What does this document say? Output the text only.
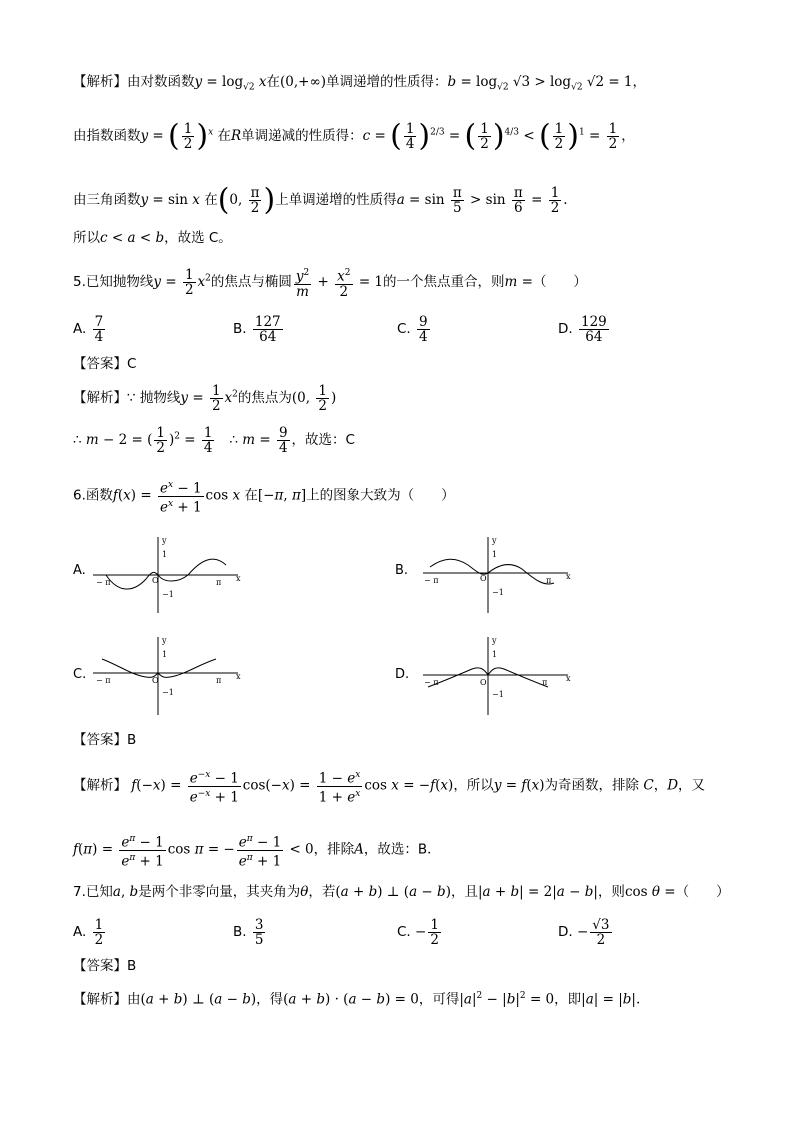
【解析】由对数函数$y = \log_{√2} x$在(0,+∞)单调递增的性质得：$b = \log_{√2} √3 > \log_{√2} √2 = 1$，
由指数函数y = ( $\frac{1}{2} )^x$ 在R单调递减的性质得：c = ( $\frac{1}{4} )^{2/3}$ = ( $\frac{1}{2} )^{4/3}$ < ( $\frac{1}{2} )^1 = \frac{1}{2}$ ，
由三角函数y = sin x 在(0, $\frac{\pi}{2}$ )上单调递增的性质得$a = \sin \frac{\pi}{5} > \sin \frac{\pi}{6} = \frac{1}{2}$ .
所以c < a < b，故选 C。
5.已知抛物线$y = \frac{1}{2} x^2$的焦点与椭圆 $\frac{y^2}{m} + \frac{x^2}{2} = 1$的一个焦点重合，则m =（　　）
A. $\frac{7}{4}$	B. $\frac{127}{64}$	C. $\frac{9}{4}$	D. $\frac{129}{64}$
【答案】C
【解析】∵ 抛物线$y = \frac{1}{2} x^2$的焦点为(0, $\frac{1}{2}$ )
∴ m − 2 = ( $\frac{1}{2} )^2 = \frac{1}{4}$ ∴ $m = \frac{9}{4}$ ，故选：C
6.函数$f(x) = \frac{e^x - 1}{e^x + 1}$ cos x 在[−π, π]上的图象大致为（　　）
A.
y
1
−1
− π	π x
O
B.
y
1
−1
− π	π x
O
C.
y
1
−1
− π	π x
O	D.
y
1
−1
− π	π x
O
【答案】B
【解析】 $f(-x) = \frac{e^{-x} - 1}{e^{-x} + 1} \cos(-x) = \frac{1 - e^x}{1 + e^x}$ cos x = −f(x)，所以y = f(x)为奇函数，排除 C，D，又
$f(\pi) = \frac{e^\pi - 1}{e^\pi + 1}$ cos π = − $\frac{e^\pi - 1}{e^\pi + 1} < 0$，排除A，故选：B．
7.已知a, b是两个非零向量，其夹角为θ，若(a + b) ⊥ (a − b)，且|a + b| = 2|a − b|，则cos θ =（　　）
A. $\frac{1}{2}$	B. $\frac{3}{5}$	C. − $\frac{1}{2}$	D. − $\frac{√3}{2}$
【答案】B
【解析】由(a + b) ⊥ (a − b)，得(a + b) · (a − b) = 0，可得$|a|^2 - |b|^2 = 0$，即|a| = |b|.
